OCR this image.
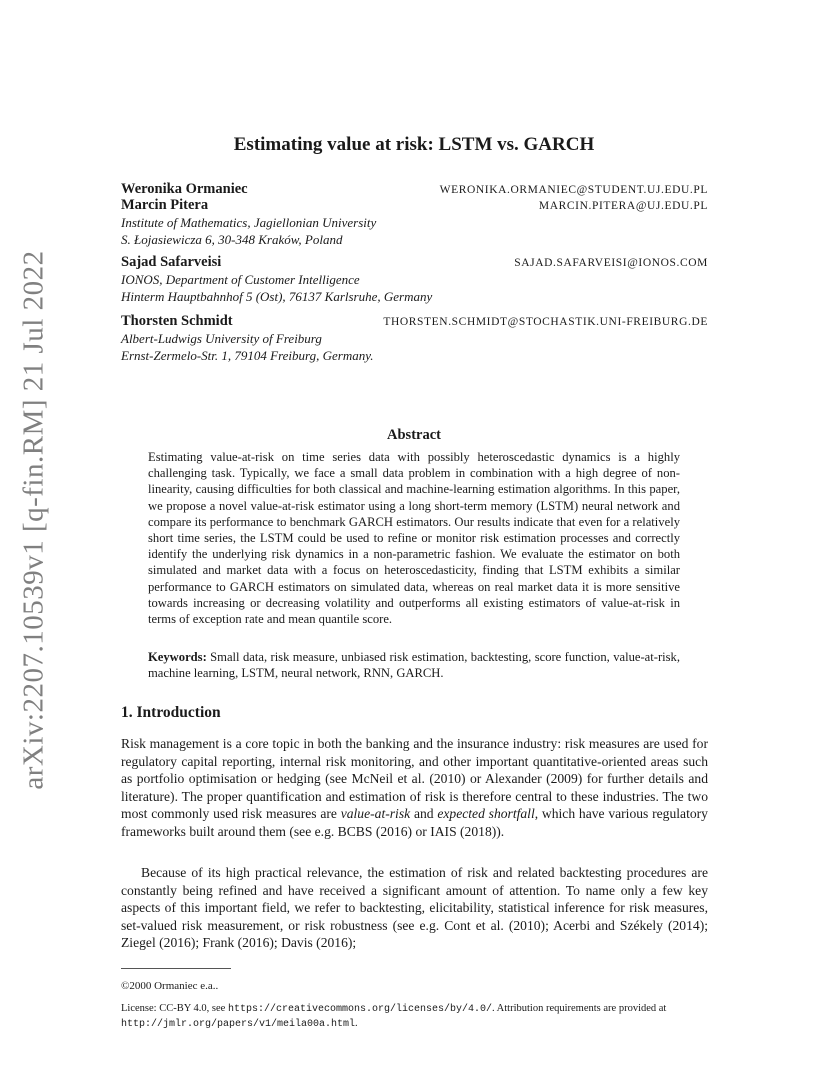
arXiv:2207.10539v1 [q-fin.RM] 21 Jul 2022
Estimating value at risk: LSTM vs. GARCH
Weronika Ormaniec	WERONIKA.ORMANIEC@STUDENT.UJ.EDU.PL
Marcin Pitera	MARCIN.PITERA@UJ.EDU.PL
Institute of Mathematics, Jagiellonian University
S. Łojasiewicza 6, 30-348 Kraków, Poland
Sajad Safarveisi	SAJAD.SAFARVEISI@IONOS.COM
IONOS, Department of Customer Intelligence
Hinterm Hauptbahnhof 5 (Ost), 76137 Karlsruhe, Germany
Thorsten Schmidt	THORSTEN.SCHMIDT@STOCHASTIK.UNI-FREIBURG.DE
Albert-Ludwigs University of Freiburg
Ernst-Zermelo-Str. 1, 79104 Freiburg, Germany.
Abstract
Estimating value-at-risk on time series data with possibly heteroscedastic dynamics is a highly challenging task. Typically, we face a small data problem in combination with a high degree of non-linearity, causing difficulties for both classical and machine-learning estimation algorithms. In this paper, we propose a novel value-at-risk estimator using a long short-term memory (LSTM) neural network and compare its performance to benchmark GARCH estimators. Our results indicate that even for a relatively short time series, the LSTM could be used to refine or monitor risk estimation processes and correctly identify the underlying risk dynamics in a non-parametric fashion. We evaluate the estimator on both simulated and market data with a focus on heteroscedasticity, finding that LSTM exhibits a similar performance to GARCH estimators on simulated data, whereas on real market data it is more sensitive towards increasing or decreasing volatility and outperforms all existing estimators of value-at-risk in terms of exception rate and mean quantile score.
Keywords: Small data, risk measure, unbiased risk estimation, backtesting, score function, value-at-risk, machine learning, LSTM, neural network, RNN, GARCH.
1. Introduction
Risk management is a core topic in both the banking and the insurance industry: risk measures are used for regulatory capital reporting, internal risk monitoring, and other important quantitative-oriented areas such as portfolio optimisation or hedging (see McNeil et al. (2010) or Alexander (2009) for further details and literature). The proper quantification and estimation of risk is therefore central to these industries. The two most commonly used risk measures are value-at-risk and expected shortfall, which have various regulatory frameworks built around them (see e.g. BCBS (2016) or IAIS (2018)).
Because of its high practical relevance, the estimation of risk and related backtesting procedures are constantly being refined and have received a significant amount of attention. To name only a few key aspects of this important field, we refer to backtesting, elicitability, statistical inference for risk measures, set-valued risk measurement, or risk robustness (see e.g. Cont et al. (2010); Acerbi and Székely (2014); Ziegel (2016); Frank (2016); Davis (2016);
©2000 Ormaniec e.a..
License: CC-BY 4.0, see https://creativecommons.org/licenses/by/4.0/. Attribution requirements are provided at http://jmlr.org/papers/v1/meila00a.html.
